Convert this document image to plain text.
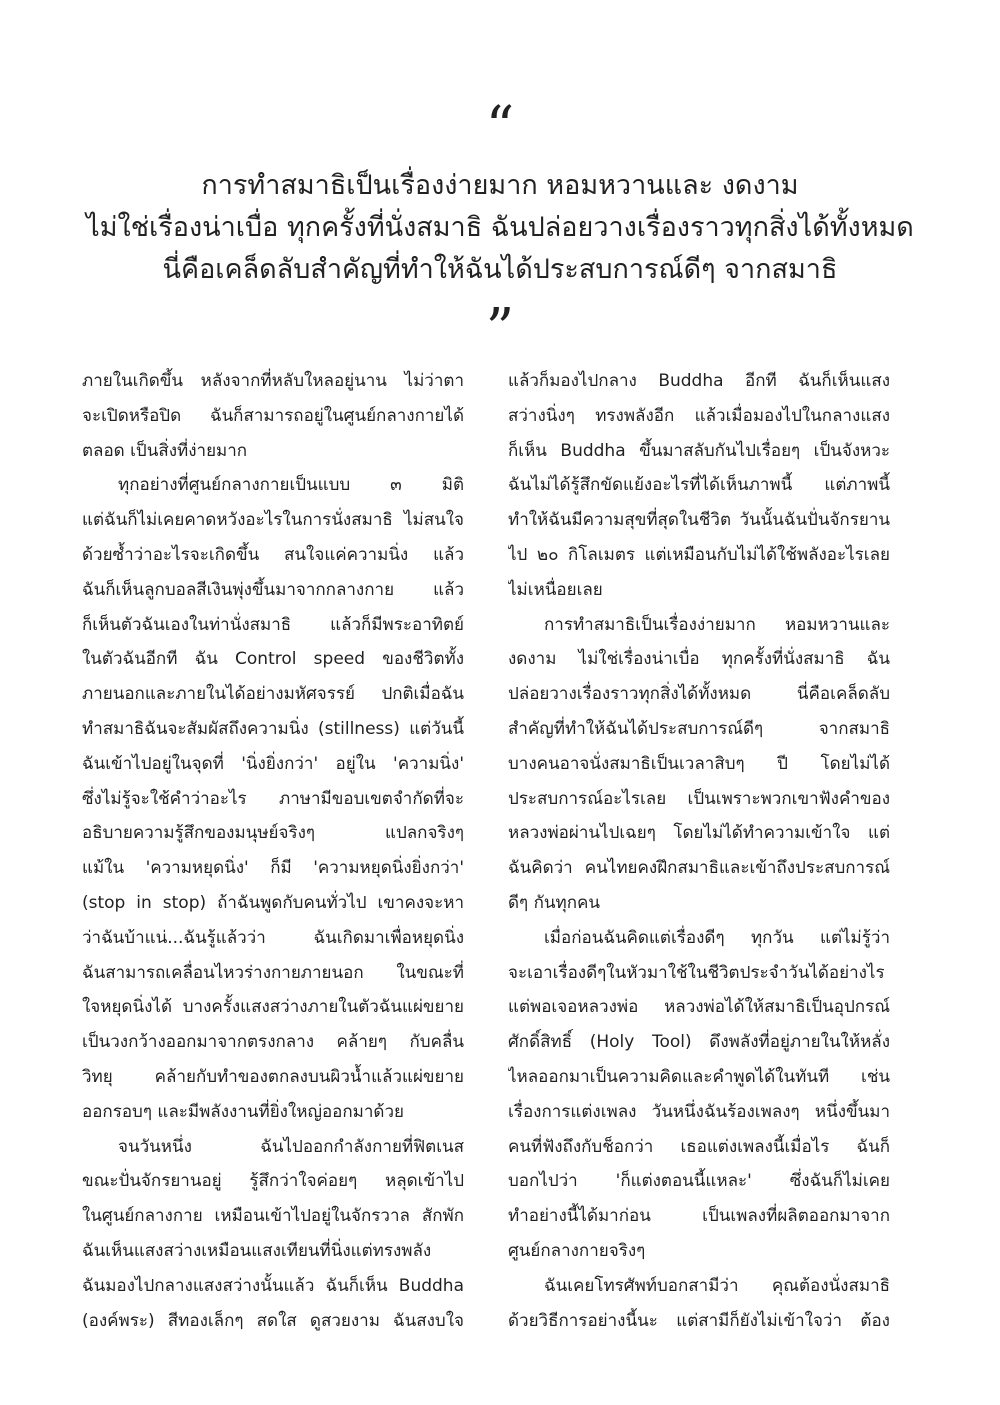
“
การทำสมาธิเป็นเรื่องง่ายมาก หอมหวานและ งดงาม
ไม่ใช่เรื่องน่าเบื่อ ทุกครั้งที่นั่งสมาธิ ฉันปล่อยวางเรื่องราวทุกสิ่งได้ทั้งหมด
นี่คือเคล็ดลับสำคัญที่ทำให้ฉันได้ประสบการณ์ดีๆ จากสมาธิ
”
ภายในเกิดขึ้น หลังจากที่หลับใหลอยู่นาน ไม่ว่าตา
จะเปิดหรือปิด ฉันก็สามารถอยู่ในศูนย์กลางกายได้
ตลอด เป็นสิ่งที่ง่ายมาก
ทุกอย่างที่ศูนย์กลางกายเป็นแบบ ๓ มิติ
แต่ฉันก็ไม่เคยคาดหวังอะไรในการนั่งสมาธิ ไม่สนใจ
ด้วยซ้ำว่าอะไรจะเกิดขึ้น สนใจแค่ความนิ่ง แล้ว
ฉันก็เห็นลูกบอลสีเงินพุ่งขึ้นมาจากกลางกาย แล้ว
ก็เห็นตัวฉันเองในท่านั่งสมาธิ แล้วก็มีพระอาทิตย์
ในตัวฉันอีกที ฉัน Control speed ของชีวิตทั้ง
ภายนอกและภายในได้อย่างมหัศจรรย์ ปกติเมื่อฉัน
ทำสมาธิฉันจะสัมผัสถึงความนิ่ง (stillness) แต่วันนี้
ฉันเข้าไปอยู่ในจุดที่ 'นิ่งยิ่งกว่า' อยู่ใน 'ความนิ่ง'
ซึ่งไม่รู้จะใช้คำว่าอะไร ภาษามีขอบเขตจำกัดที่จะ
อธิบายความรู้สึกของมนุษย์จริงๆ แปลกจริงๆ
แม้ใน 'ความหยุดนิ่ง' ก็มี 'ความหยุดนิ่งยิ่งกว่า'
(stop in stop) ถ้าฉันพูดกับคนทั่วไป เขาคงจะหา
ว่าฉันบ้าแน่...ฉันรู้แล้วว่า ฉันเกิดมาเพื่อหยุดนิ่ง
ฉันสามารถเคลื่อนไหวร่างกายภายนอก ในขณะที่
ใจหยุดนิ่งได้ บางครั้งแสงสว่างภายในตัวฉันแผ่ขยาย
เป็นวงกว้างออกมาจากตรงกลาง คล้ายๆ กับคลื่น
วิทยุ คล้ายกับทำของตกลงบนผิวน้ำแล้วแผ่ขยาย
ออกรอบๆ และมีพลังงานที่ยิ่งใหญ่ออกมาด้วย
จนวันหนึ่ง ฉันไปออกกำลังกายที่ฟิตเนส
ขณะปั่นจักรยานอยู่ รู้สึกว่าใจค่อยๆ หลุดเข้าไป
ในศูนย์กลางกาย เหมือนเข้าไปอยู่ในจักรวาล สักพัก
ฉันเห็นแสงสว่างเหมือนแสงเทียนที่นิ่งแต่ทรงพลัง
ฉันมองไปกลางแสงสว่างนั้นแล้ว ฉันก็เห็น Buddha
(องค์พระ) สีทองเล็กๆ สดใส ดูสวยงาม ฉันสงบใจ
แล้วก็มองไปกลาง Buddha อีกที ฉันก็เห็นแสง
สว่างนิ่งๆ ทรงพลังอีก แล้วเมื่อมองไปในกลางแสง
ก็เห็น Buddha ขึ้นมาสลับกันไปเรื่อยๆ เป็นจังหวะ
ฉันไม่ได้รู้สึกขัดแย้งอะไรที่ได้เห็นภาพนี้ แต่ภาพนี้
ทำให้ฉันมีความสุขที่สุดในชีวิต วันนั้นฉันปั่นจักรยาน
ไป ๒๐ กิโลเมตร แต่เหมือนกับไม่ได้ใช้พลังอะไรเลย
ไม่เหนื่อยเลย
การทำสมาธิเป็นเรื่องง่ายมาก หอมหวานและ
งดงาม ไม่ใช่เรื่องน่าเบื่อ ทุกครั้งที่นั่งสมาธิ ฉัน
ปล่อยวางเรื่องราวทุกสิ่งได้ทั้งหมด นี่คือเคล็ดลับ
สำคัญที่ทำให้ฉันได้ประสบการณ์ดีๆ จากสมาธิ
บางคนอาจนั่งสมาธิเป็นเวลาสิบๆ ปี โดยไม่ได้
ประสบการณ์อะไรเลย เป็นเพราะพวกเขาฟังคำของ
หลวงพ่อผ่านไปเฉยๆ โดยไม่ได้ทำความเข้าใจ แต่
ฉันคิดว่า คนไทยคงฝึกสมาธิและเข้าถึงประสบการณ์
ดีๆ กันทุกคน
เมื่อก่อนฉันคิดแต่เรื่องดีๆ ทุกวัน แต่ไม่รู้ว่า
จะเอาเรื่องดีๆในหัวมาใช้ในชีวิตประจำวันได้อย่างไร
แต่พอเจอหลวงพ่อ หลวงพ่อได้ให้สมาธิเป็นอุปกรณ์
ศักดิ์สิทธิ์ (Holy Tool) ดึงพลังที่อยู่ภายในให้หลั่ง
ไหลออกมาเป็นความคิดและคำพูดได้ในทันที เช่น
เรื่องการแต่งเพลง วันหนึ่งฉันร้องเพลงๆ หนึ่งขึ้นมา
คนที่ฟังถึงกับช็อกว่า เธอแต่งเพลงนี้เมื่อไร ฉันก็
บอกไปว่า 'ก็แต่งตอนนี้แหละ' ซึ่งฉันก็ไม่เคย
ทำอย่างนี้ได้มาก่อน เป็นเพลงที่ผลิตออกมาจาก
ศูนย์กลางกายจริงๆ
ฉันเคยโทรศัพท์บอกสามีว่า คุณต้องนั่งสมาธิ
ด้วยวิธีการอย่างนี้นะ แต่สามีก็ยังไม่เข้าใจว่า ต้อง
